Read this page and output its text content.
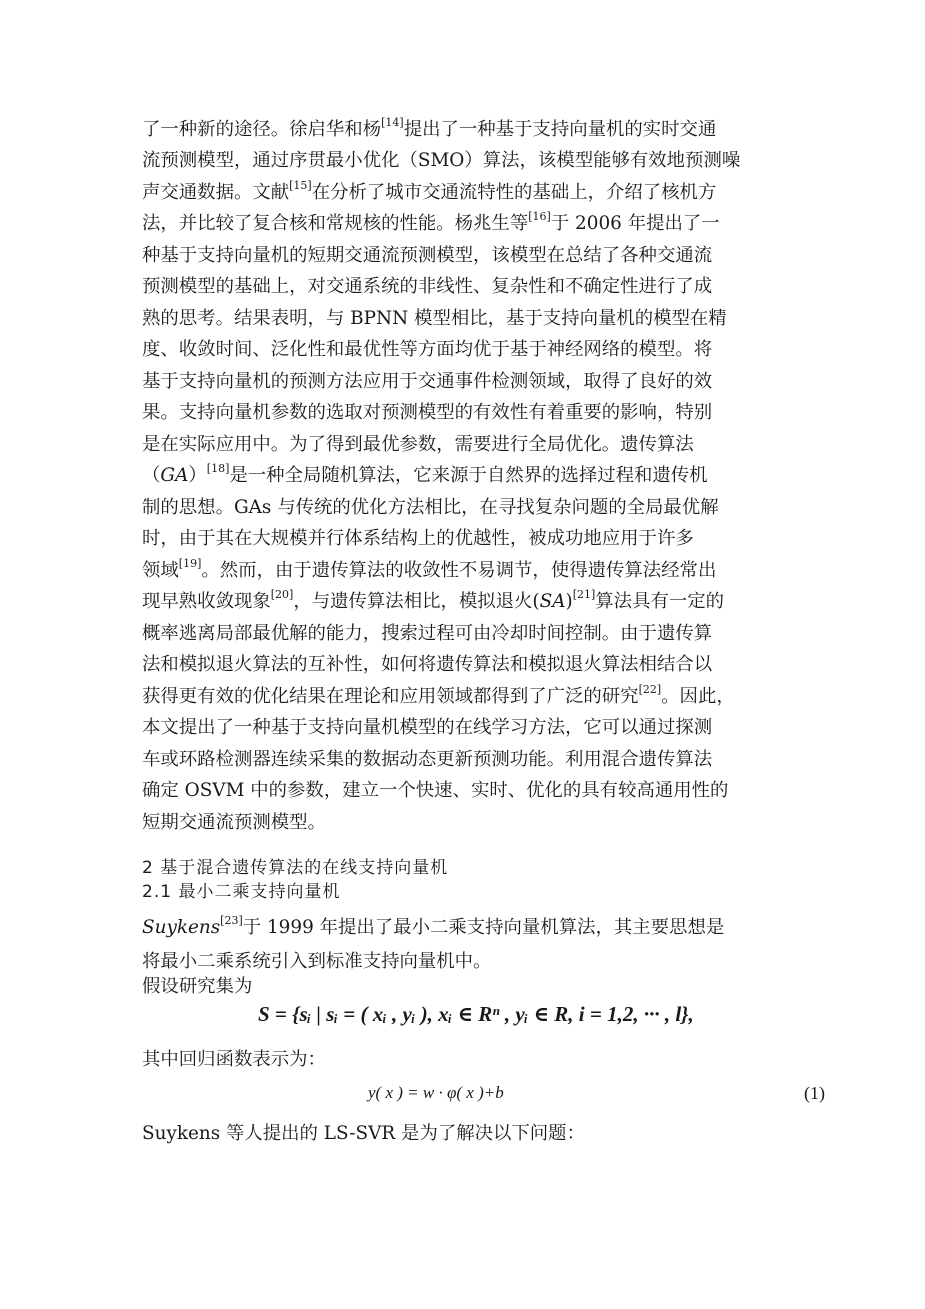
了一种新的途径。徐启华和杨[14]提出了一种基于支持向量机的实时交通
流预测模型，通过序贯最小优化（SMO）算法，该模型能够有效地预测噪
声交通数据。文献[15]在分析了城市交通流特性的基础上，介绍了核机方
法，并比较了复合核和常规核的性能。杨兆生等[16]于 2006 年提出了一
种基于支持向量机的短期交通流预测模型，该模型在总结了各种交通流
预测模型的基础上，对交通系统的非线性、复杂性和不确定性进行了成
熟的思考。结果表明，与 BPNN 模型相比，基于支持向量机的模型在精
度、收敛时间、泛化性和最优性等方面均优于基于神经网络的模型。将
基于支持向量机的预测方法应用于交通事件检测领域，取得了良好的效
果。支持向量机参数的选取对预测模型的有效性有着重要的影响，特别
是在实际应用中。为了得到最优参数，需要进行全局优化。遗传算法
（GA）[18]是一种全局随机算法，它来源于自然界的选择过程和遗传机
制的思想。GAs 与传统的优化方法相比，在寻找复杂问题的全局最优解
时，由于其在大规模并行体系结构上的优越性，被成功地应用于许多
领域[19]。然而，由于遗传算法的收敛性不易调节，使得遗传算法经常出
现早熟收敛现象[20]，与遗传算法相比，模拟退火(SA)[21]算法具有一定的
概率逃离局部最优解的能力，搜索过程可由冷却时间控制。由于遗传算
法和模拟退火算法的互补性，如何将遗传算法和模拟退火算法相结合以
获得更有效的优化结果在理论和应用领域都得到了广泛的研究[22]。因此，
本文提出了一种基于支持向量机模型的在线学习方法，它可以通过探测
车或环路检测器连续采集的数据动态更新预测功能。利用混合遗传算法
确定 OSVM 中的参数，建立一个快速、实时、优化的具有较高通用性的
短期交通流预测模型。
2 基于混合遗传算法的在线支持向量机
2.1 最小二乘支持向量机
Suykens[23]于 1999 年提出了最小二乘支持向量机算法，其主要思想是
将最小二乘系统引入到标准支持向量机中。
假设研究集为
S = {sᵢ | sᵢ = ( xᵢ , yᵢ ), xᵢ ∈ Rⁿ , yᵢ ∈ R, i = 1,2, ··· , l},
其中回归函数表示为：
y( x ) = w · φ( x )+b	(1)
Suykens 等人提出的 LS-SVR 是为了解决以下问题：
